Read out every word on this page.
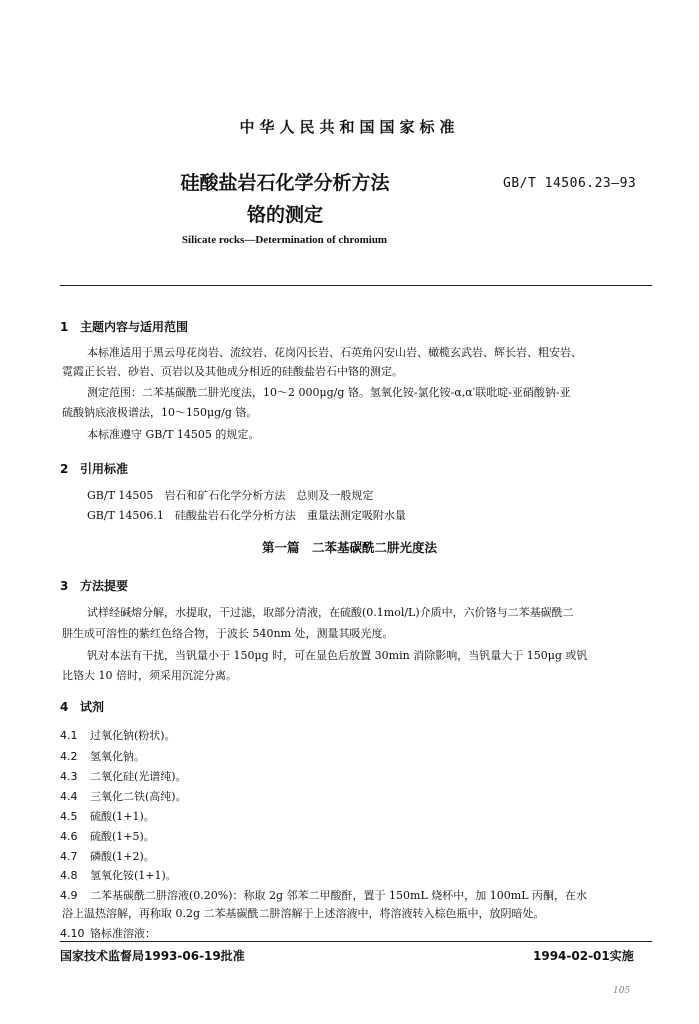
中华人民共和国国家标准
硅酸盐岩石化学分析方法
铬的测定
GB/T 14506.23—93
Silicate rocks—Determination of chromium
1 主题内容与适用范围
本标准适用于黑云母花岗岩、流纹岩、花岗闪长岩、石英角闪安山岩、橄榄玄武岩、辉长岩、粗安岩、
霓霞正长岩、砂岩、页岩以及其他成分相近的硅酸盐岩石中铬的测定。
测定范围：二苯基碳酰二肼光度法，10～2 000μg/g 铬。氢氧化铵-氯化铵-α,α′联吡啶-亚硝酸钠-亚
硫酸钠底液极谱法，10～150μg/g 铬。
本标准遵守 GB/T 14505 的规定。
2 引用标准
GB/T 14505　岩石和矿石化学分析方法　总则及一般规定
GB/T 14506.1　硅酸盐岩石化学分析方法　重量法测定吸附水量
第一篇　二苯基碳酰二肼光度法
3 方法提要
试样经碱熔分解，水提取，干过滤，取部分清液，在硫酸(0.1mol/L)介质中，六价铬与二苯基碳酰二
肼生成可溶性的紫红色络合物，于波长 540nm 处，测量其吸光度。
钒对本法有干扰，当钒量小于 150μg 时，可在显色后放置 30min 消除影响，当钒量大于 150μg 或钒
比铬大 10 倍时，须采用沉淀分离。
4 试剂
4.1 过氧化钠(粉状)。
4.2 氢氧化钠。
4.3 二氧化硅(光谱纯)。
4.4 三氧化二铁(高纯)。
4.5 硫酸(1+1)。
4.6 硫酸(1+5)。
4.7 磷酸(1+2)。
4.8 氢氧化铵(1+1)。
4.9 二苯基碳酰二肼溶液(0.20%)：称取 2g 邻苯二甲酸酐，置于 150mL 烧杯中，加 100mL 丙酮，在水
浴上温热溶解，再称取 0.2g 二苯基碳酰二肼溶解于上述溶液中，将溶液转入棕色瓶中，放阴暗处。
4.10 铬标准溶液：
国家技术监督局1993-06-19批准	1994-02-01实施
105
